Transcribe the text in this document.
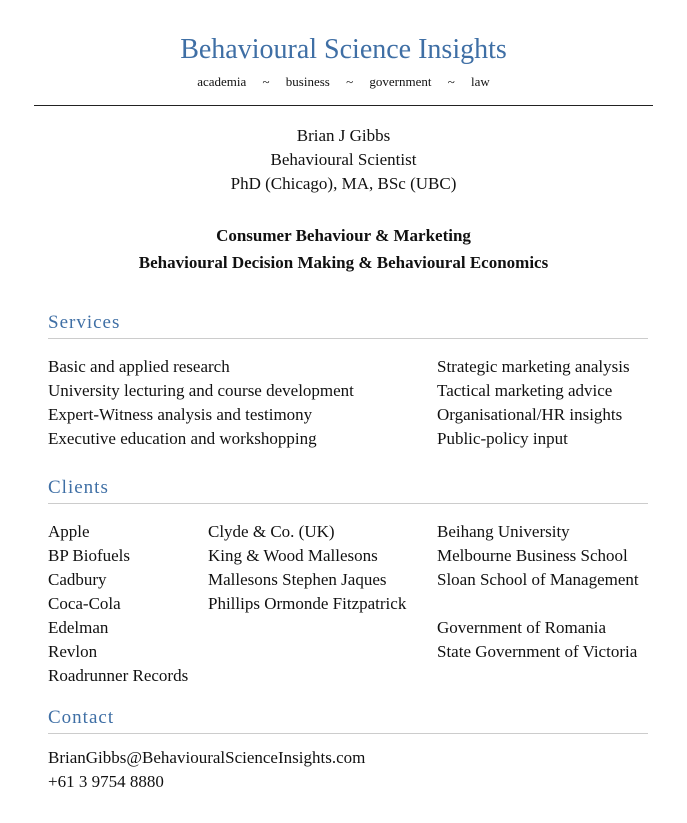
Behavioural Science Insights
academia     ~     business     ~     government     ~     law
Brian J Gibbs
Behavioural Scientist
PhD (Chicago), MA, BSc (UBC)
Consumer Behaviour & Marketing
Behavioural Decision Making & Behavioural Economics
Services
Basic and applied research
University lecturing and course development
Expert-Witness analysis and testimony
Executive education and workshopping
Strategic marketing analysis
Tactical marketing advice
Organisational/HR insights
Public-policy input
Clients
Apple
BP Biofuels
Cadbury
Coca-Cola
Edelman
Revlon
Roadrunner Records
Clyde & Co. (UK)
King & Wood Mallesons
Mallesons Stephen Jaques
Phillips Ormonde Fitzpatrick
Beihang University
Melbourne Business School
Sloan School of Management
Government of Romania
State Government of Victoria
Contact
BrianGibbs@BehaviouralScienceInsights.com
+61 3 9754 8880
